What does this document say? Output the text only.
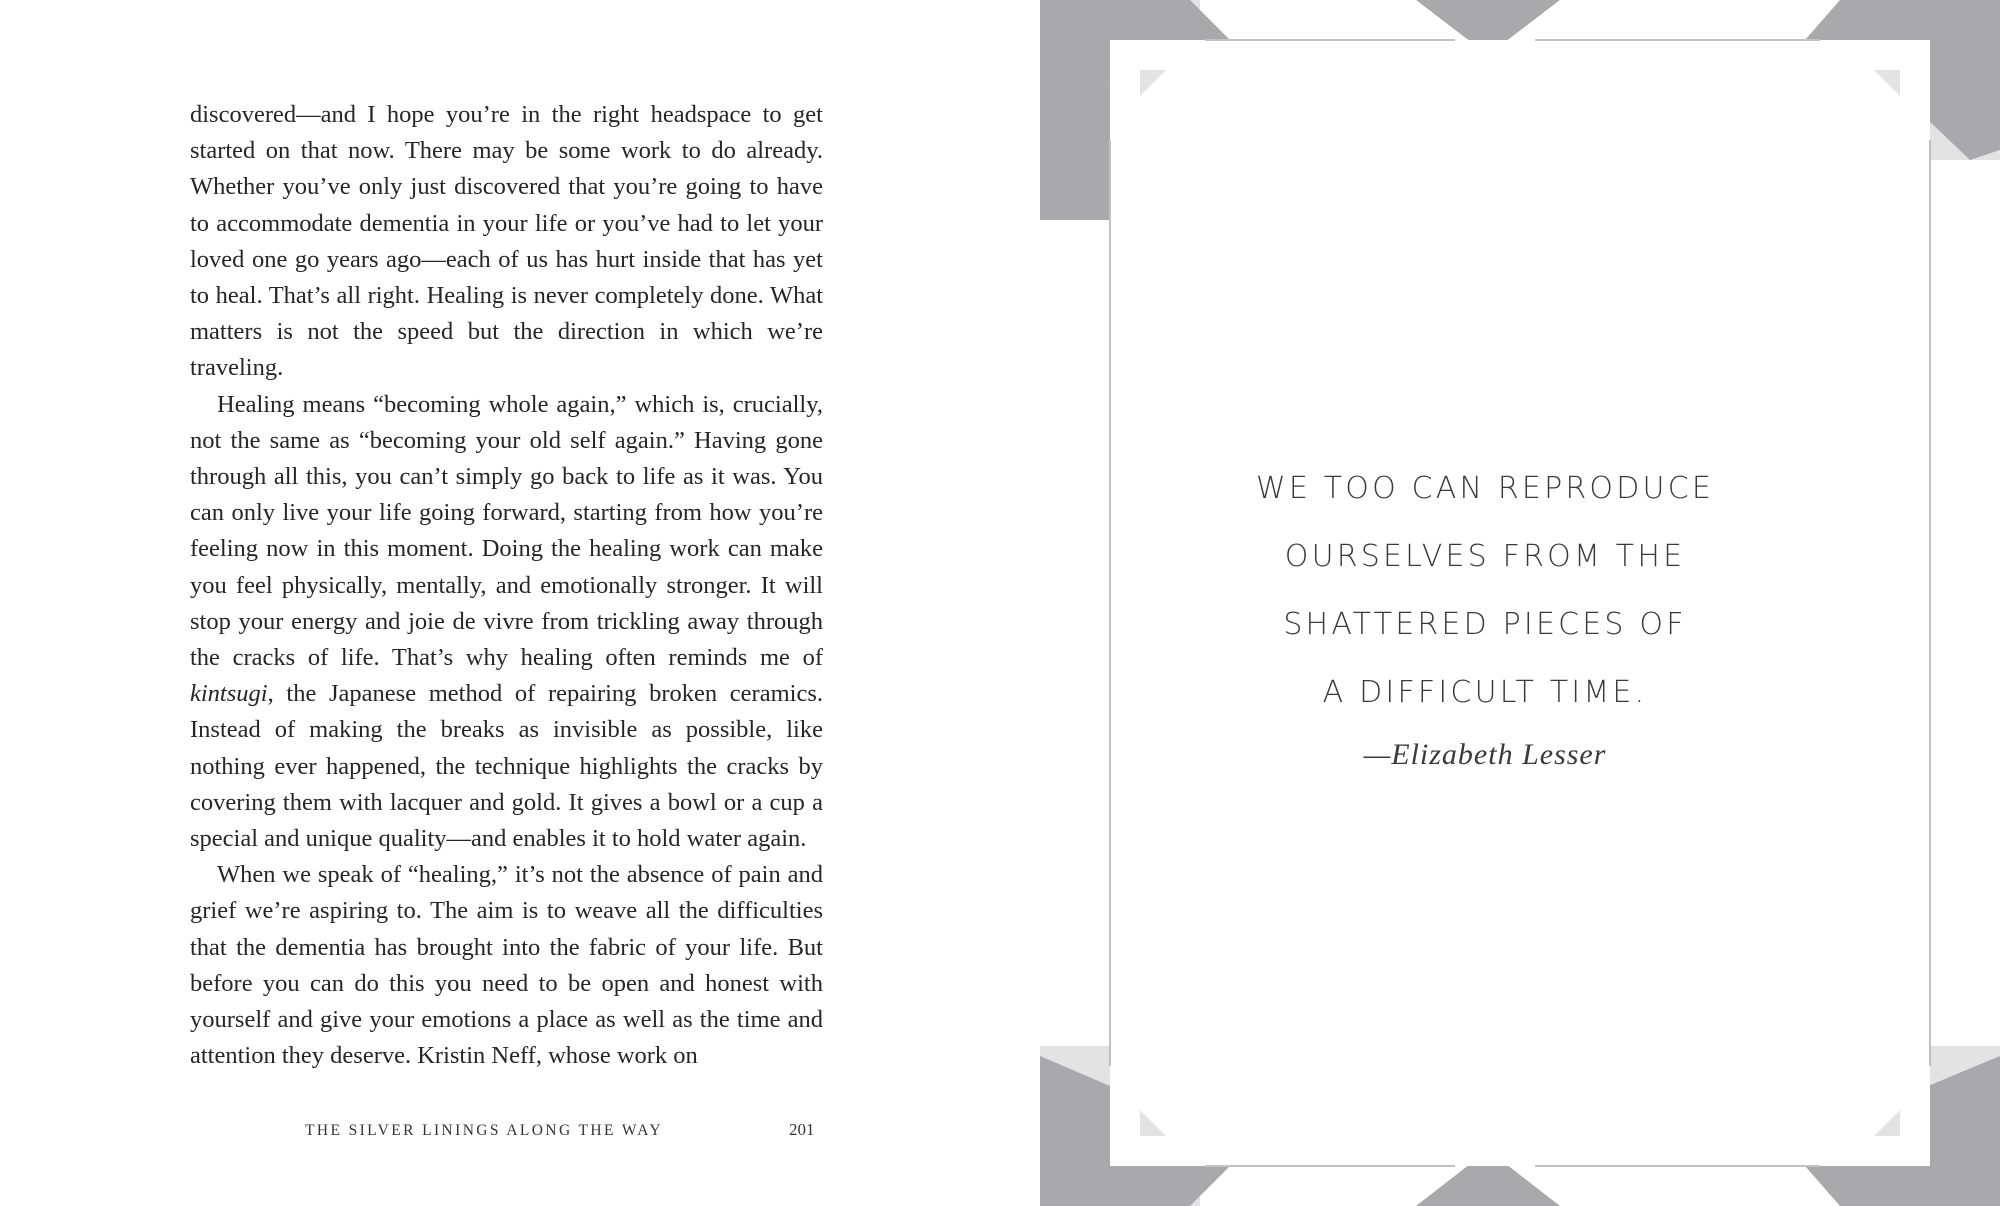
discovered—and I hope you’re in the right headspace to get started on that now. There may be some work to do already. Whether you’ve only just discovered that you’re going to have to accommodate dementia in your life or you’ve had to let your loved one go years ago—each of us has hurt inside that has yet to heal. That’s all right. Healing is never completely done. What matters is not the speed but the direction in which we’re traveling.

Healing means “becoming whole again,” which is, crucially, not the same as “becoming your old self again.” Having gone through all this, you can’t simply go back to life as it was. You can only live your life going forward, starting from how you’re feeling now in this moment. Doing the healing work can make you feel physically, mentally, and emotionally stronger. It will stop your energy and joie de vivre from trickling away through the cracks of life. That’s why healing often reminds me of kintsugi, the Japanese method of repairing broken ceramics. Instead of making the breaks as invisible as possible, like nothing ever happened, the technique highlights the cracks by covering them with lacquer and gold. It gives a bowl or a cup a special and unique quality—and enables it to hold water again.

When we speak of “healing,” it’s not the absence of pain and grief we’re aspiring to. The aim is to weave all the difficulties that the dementia has brought into the fabric of your life. But before you can do this you need to be open and honest with yourself and give your emotions a place as well as the time and attention they deserve. Kristin Neff, whose work on

THE SILVER LININGS ALONG THE WAY	201
WE TOO CAN REPRODUCE
OURSELVES FROM THE
SHATTERED PIECES OF
A DIFFICULT TIME.
—Elizabeth Lesser
